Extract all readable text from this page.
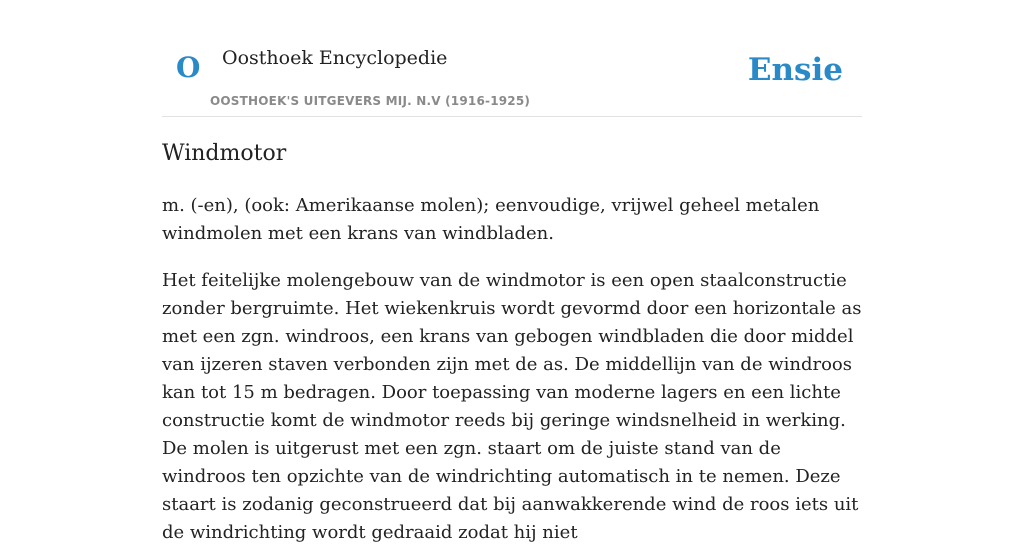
O Oosthoek Encyclopedie
OOSTHOEK'S UITGEVERS MIJ. N.V (1916-1925)
Ensie
Windmotor

m. (-en), (ook: Amerikaanse molen); eenvoudige, vrijwel geheel metalen windmolen met een krans van windbladen.

Het feitelijke molengebouw van de windmotor is een open staalconstructie zonder bergruimte. Het wiekenkruis wordt gevormd door een horizontale as met een zgn. windroos, een krans van gebogen windbladen die door middel van ijzeren staven verbonden zijn met de as. De middellijn van de windroos kan tot 15 m bedragen. Door toepassing van moderne lagers en een lichte constructie komt de windmotor reeds bij geringe windsnelheid in werking. De molen is uitgerust met een zgn. staart om de juiste stand van de windroos ten opzichte van de windrichting automatisch in te nemen. Deze staart is zodanig geconstrueerd dat bij aanwakkerende wind de roos iets uit de windrichting wordt gedraaid zodat hij niet
